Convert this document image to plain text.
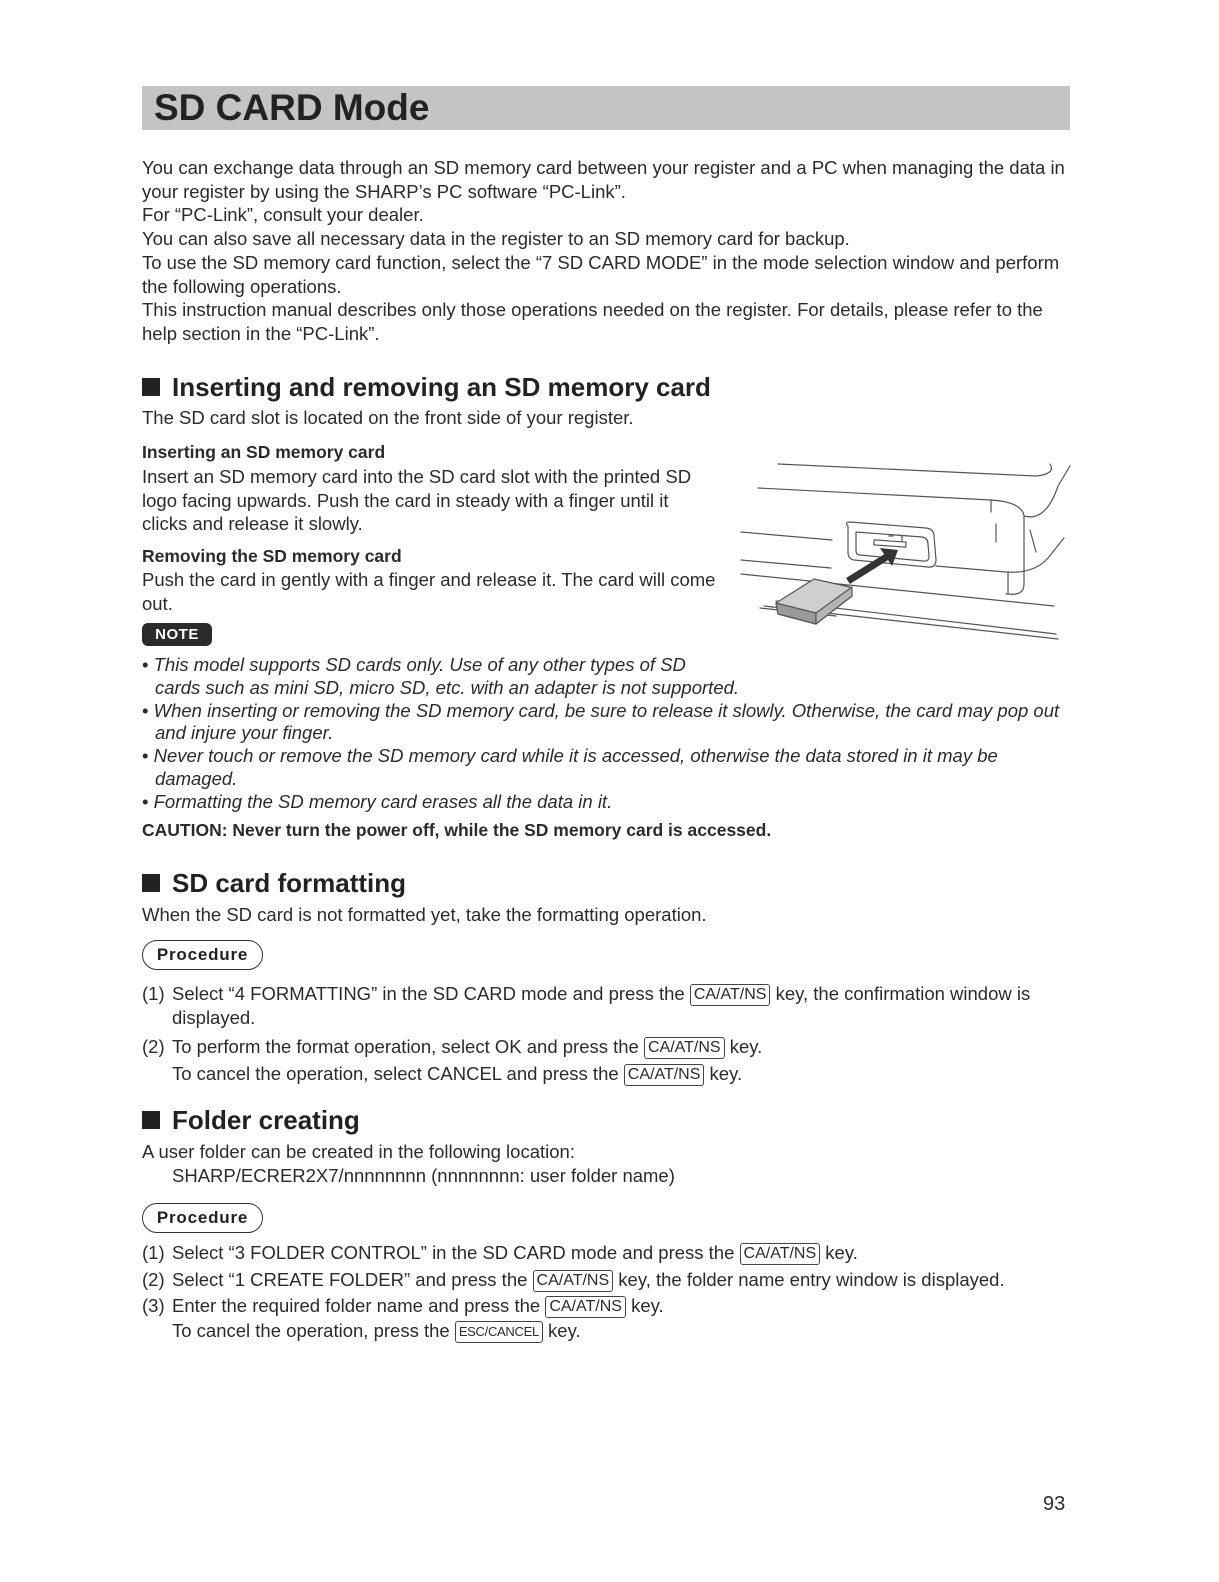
SD CARD Mode

You can exchange data through an SD memory card between your register and a PC when managing the data in your register by using the SHARP’s PC software “PC-Link”.

For “PC-Link”, consult your dealer.

You can also save all necessary data in the register to an SD memory card for backup.

To use the SD memory card function, select the “7 SD CARD MODE” in the mode selection window and perform the following operations.

This instruction manual describes only those operations needed on the register. For details, please refer to the help section in the “PC-Link”.

Inserting and removing an SD memory card

The SD card slot is located on the front side of your register.

Inserting an SD memory card

Insert an SD memory card into the SD card slot with the printed SD logo facing upwards. Push the card in steady with a finger until it clicks and release it slowly.

Removing the SD memory card

Push the card in gently with a finger and release it. The card will come out.

NOTE
• This model supports SD cards only. Use of any other types of SD
cards such as mini SD, micro SD, etc. with an adapter is not supported.
• When inserting or removing the SD memory card, be sure to release it slowly. Otherwise, the card may pop out and injure your finger.
• Never touch or remove the SD memory card while it is accessed, otherwise the data stored in it may be damaged.
• Formatting the SD memory card erases all the data in it.

CAUTION: Never turn the power off, while the SD memory card is accessed.

SD card formatting

When the SD card is not formatted yet, take the formatting operation.

Procedure
(1) Select “4 FORMATTING” in the SD CARD mode and press the CA/AT/NS key, the confirmation window is displayed.
(2) To perform the format operation, select OK and press the CA/AT/NS key.
To cancel the operation, select CANCEL and press the CA/AT/NS key.
Folder creating

A user folder can be created in the following location:

SHARP/ECRER2X7/nnnnnnnn (nnnnnnnn: user folder name)

Procedure
(1) Select “3 FOLDER CONTROL” in the SD CARD mode and press the CA/AT/NS key.
(2) Select “1 CREATE FOLDER” and press the CA/AT/NS key, the folder name entry window is displayed.
(3) Enter the required folder name and press the CA/AT/NS key.
To cancel the operation, press the ESC/CANCEL key.
93
